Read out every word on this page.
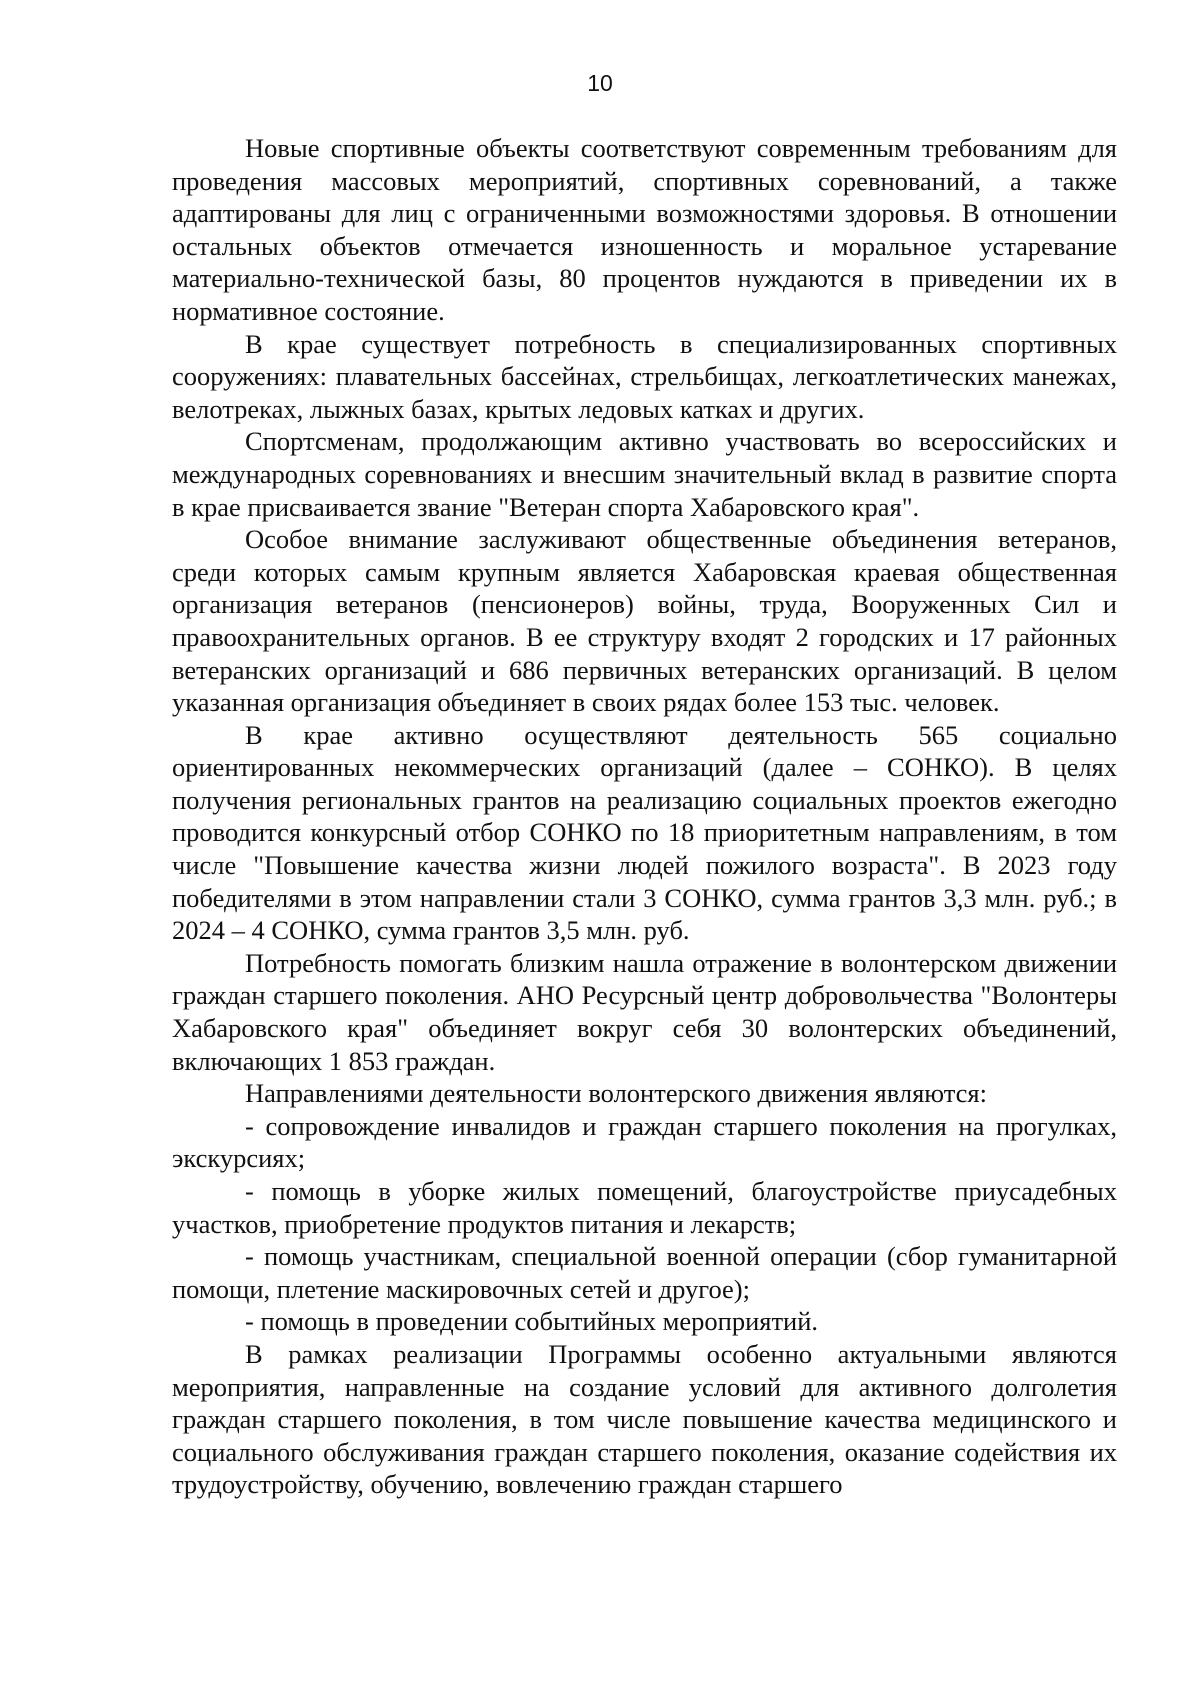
10

Новые спортивные объекты соответствуют современным требованиям для проведения массовых мероприятий, спортивных соревнований, а также адаптированы для лиц с ограниченными возможностями здоровья. В отношении остальных объектов отмечается изношенность и моральное устаревание материально-технической базы, 80 процентов нуждаются в приведении их в нормативное состояние.

В крае существует потребность в специализированных спортивных сооружениях: плавательных бассейнах, стрельбищах, легкоатлетических манежах, велотреках, лыжных базах, крытых ледовых катках и других.

Спортсменам, продолжающим активно участвовать во всероссийских и международных соревнованиях и внесшим значительный вклад в развитие спорта в крае присваивается звание "Ветеран спорта Хабаровского края".

Особое внимание заслуживают общественные объединения ветеранов, среди которых самым крупным является Хабаровская краевая общественная организация ветеранов (пенсионеров) войны, труда, Вооруженных Сил и правоохранительных органов. В ее структуру входят 2 городских и 17 районных ветеранских организаций и 686 первичных ветеранских организаций. В целом указанная организация объединяет в своих рядах более 153 тыс. человек.

В крае активно осуществляют деятельность 565 социально ориентированных некоммерческих организаций (далее – СОНКО). В целях получения региональных грантов на реализацию социальных проектов ежегодно проводится конкурсный отбор СОНКО по 18 приоритетным направлениям, в том числе "Повышение качества жизни людей пожилого возраста". В 2023 году победителями в этом направлении стали 3 СОНКО, сумма грантов 3,3 млн. руб.; в 2024 – 4 СОНКО, сумма грантов 3,5 млн. руб.

Потребность помогать близким нашла отражение в волонтерском движении граждан старшего поколения. АНО Ресурсный центр добровольчества "Волонтеры Хабаровского края" объединяет вокруг себя 30 волонтерских объединений, включающих 1 853 граждан.

Направлениями деятельности волонтерского движения являются:

- сопровождение инвалидов и граждан старшего поколения на прогулках, экскурсиях;

- помощь в уборке жилых помещений, благоустройстве приусадебных участков, приобретение продуктов питания и лекарств;

- помощь участникам, специальной военной операции (сбор гуманитарной помощи, плетение маскировочных сетей и другое);

- помощь в проведении событийных мероприятий.

В рамках реализации Программы особенно актуальными являются мероприятия, направленные на создание условий для активного долголетия граждан старшего поколения, в том числе повышение качества медицинского и социального обслуживания граждан старшего поколения, оказание содействия их трудоустройству, обучению, вовлечению граждан старшего
